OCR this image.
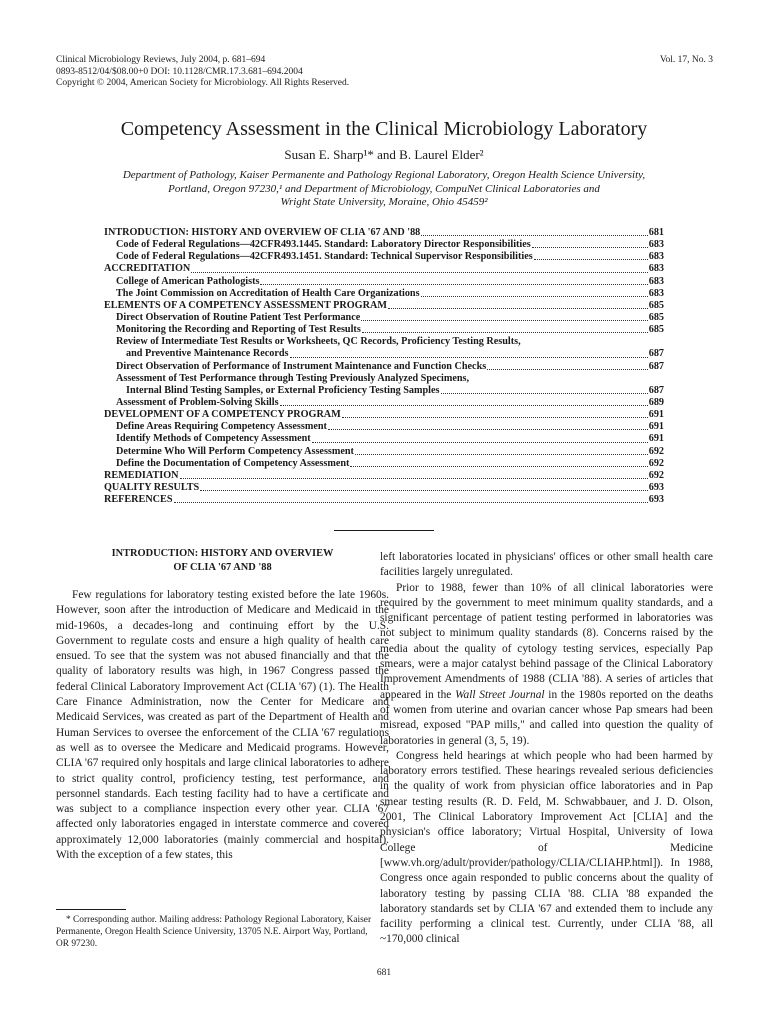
Clinical Microbiology Reviews, July 2004, p. 681–694
0893-8512/04/$08.00+0 DOI: 10.1128/CMR.17.3.681–694.2004
Copyright © 2004, American Society for Microbiology. All Rights Reserved.
Vol. 17, No. 3
Competency Assessment in the Clinical Microbiology Laboratory
Susan E. Sharp¹* and B. Laurel Elder²
Department of Pathology, Kaiser Permanente and Pathology Regional Laboratory, Oregon Health Science University,
Portland, Oregon 97230,¹ and Department of Microbiology, CompuNet Clinical Laboratories and
Wright State University, Moraine, Ohio 45459²
INTRODUCTION: HISTORY AND OVERVIEW OF CLIA '67 AND '88	681
Code of Federal Regulations—42CFR493.1445. Standard: Laboratory Director Responsibilities	683
Code of Federal Regulations—42CFR493.1451. Standard: Technical Supervisor Responsibilities	683
ACCREDITATION	683
College of American Pathologists	683
The Joint Commission on Accreditation of Health Care Organizations	683
ELEMENTS OF A COMPETENCY ASSESSMENT PROGRAM	685
Direct Observation of Routine Patient Test Performance	685
Monitoring the Recording and Reporting of Test Results	685
Review of Intermediate Test Results or Worksheets, QC Records, Proficiency Testing Results,
and Preventive Maintenance Records	687
Direct Observation of Performance of Instrument Maintenance and Function Checks	687
Assessment of Test Performance through Testing Previously Analyzed Specimens,
Internal Blind Testing Samples, or External Proficiency Testing Samples	687
Assessment of Problem-Solving Skills	689
DEVELOPMENT OF A COMPETENCY PROGRAM	691
Define Areas Requiring Competency Assessment	691
Identify Methods of Competency Assessment	691
Determine Who Will Perform Competency Assessment	692
Define the Documentation of Competency Assessment	692
REMEDIATION	692
QUALITY RESULTS	693
REFERENCES	693
INTRODUCTION: HISTORY AND OVERVIEW
OF CLIA '67 AND '88

Few regulations for laboratory testing existed before the late 1960s. However, soon after the introduction of Medicare and Medicaid in the mid-1960s, a decades-long and continuing effort by the U.S. Government to regulate costs and ensure a high quality of health care ensued. To see that the system was not abused financially and that the quality of laboratory results was high, in 1967 Congress passed the federal Clinical Laboratory Improvement Act (CLIA '67) (1). The Health Care Finance Administration, now the Center for Medicare and Medicaid Services, was created as part of the Department of Health and Human Services to oversee the enforcement of the CLIA '67 regulations as well as to oversee the Medicare and Medicaid programs. However, CLIA '67 required only hospitals and large clinical laboratories to adhere to strict quality control, proficiency testing, test performance, and personnel standards. Each testing facility had to have a certificate and was subject to a compliance inspection every other year. CLIA '67 affected only laboratories engaged in interstate commerce and covered approximately 12,000 laboratories (mainly commercial and hospital). With the exception of a few states, this

left laboratories located in physicians' offices or other small health care facilities largely unregulated.

Prior to 1988, fewer than 10% of all clinical laboratories were required by the government to meet minimum quality standards, and a significant percentage of patient testing performed in laboratories was not subject to minimum quality standards (8). Concerns raised by the media about the quality of cytology testing services, especially Pap smears, were a major catalyst behind passage of the Clinical Laboratory Improvement Amendments of 1988 (CLIA '88). A series of articles that appeared in the Wall Street Journal in the 1980s reported on the deaths of women from uterine and ovarian cancer whose Pap smears had been misread, exposed "PAP mills," and called into question the quality of laboratories in general (3, 5, 19).

Congress held hearings at which people who had been harmed by laboratory errors testified. These hearings revealed serious deficiencies in the quality of work from physician office laboratories and in Pap smear testing results (R. D. Feld, M. Schwabbauer, and J. D. Olson, 2001, The Clinical Laboratory Improvement Act [CLIA] and the physician's office laboratory; Virtual Hospital, University of Iowa College of Medicine [www.vh.org/adult/provider/pathology/CLIA/CLIAHP.html]). In 1988, Congress once again responded to public concerns about the quality of laboratory testing by passing CLIA '88. CLIA '88 expanded the laboratory standards set by CLIA '67 and extended them to include any facility performing a clinical test. Currently, under CLIA '88, all ~170,000 clinical

* Corresponding author. Mailing address: Pathology Regional Laboratory, Kaiser Permanente, Oregon Health Science University, 13705 N.E. Airport Way, Portland, OR 97230.
681
